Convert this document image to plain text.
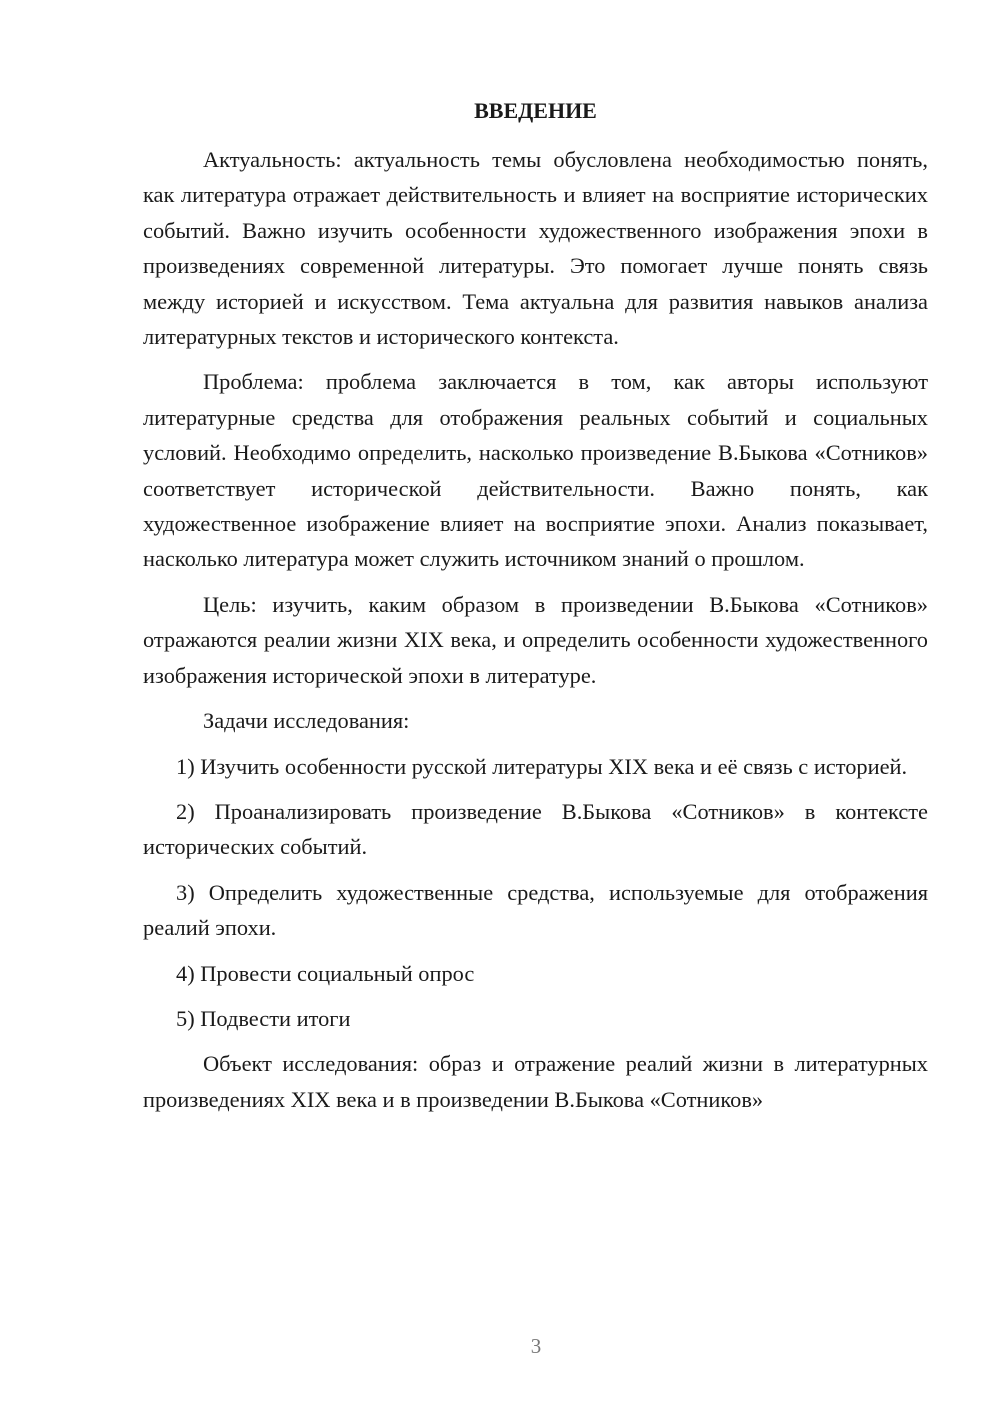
ВВЕДЕНИЕ

Актуальность: актуальность темы обусловлена необходимостью понять, как литература отражает действительность и влияет на восприятие исторических событий. Важно изучить особенности художественного изображения эпохи в произведениях современной литературы. Это помогает лучше понять связь между историей и искусством. Тема актуальна для развития навыков анализа литературных текстов и исторического контекста.

Проблема: проблема заключается в том, как авторы используют литературные средства для отображения реальных событий и социальных условий. Необходимо определить, насколько произведение В.Быкова «Сотников» соответствует исторической действительности. Важно понять, как художественное изображение влияет на восприятие эпохи. Анализ показывает, насколько литература может служить источником знаний о прошлом.

Цель: изучить, каким образом в произведении В.Быкова «Сотников» отражаются реалии жизни XIX века, и определить особенности художественного изображения исторической эпохи в литературе.

Задачи исследования:

1) Изучить особенности русской литературы XIX века и её связь с историей.

2) Проанализировать произведение В.Быкова «Сотников» в контексте исторических событий.

3) Определить художественные средства, используемые для отображения реалий эпохи.

4) Провести социальный опрос

5) Подвести итоги

Объект исследования: образ и отражение реалий жизни в литературных произведениях XIX века и в произведении В.Быкова «Сотников»

3
